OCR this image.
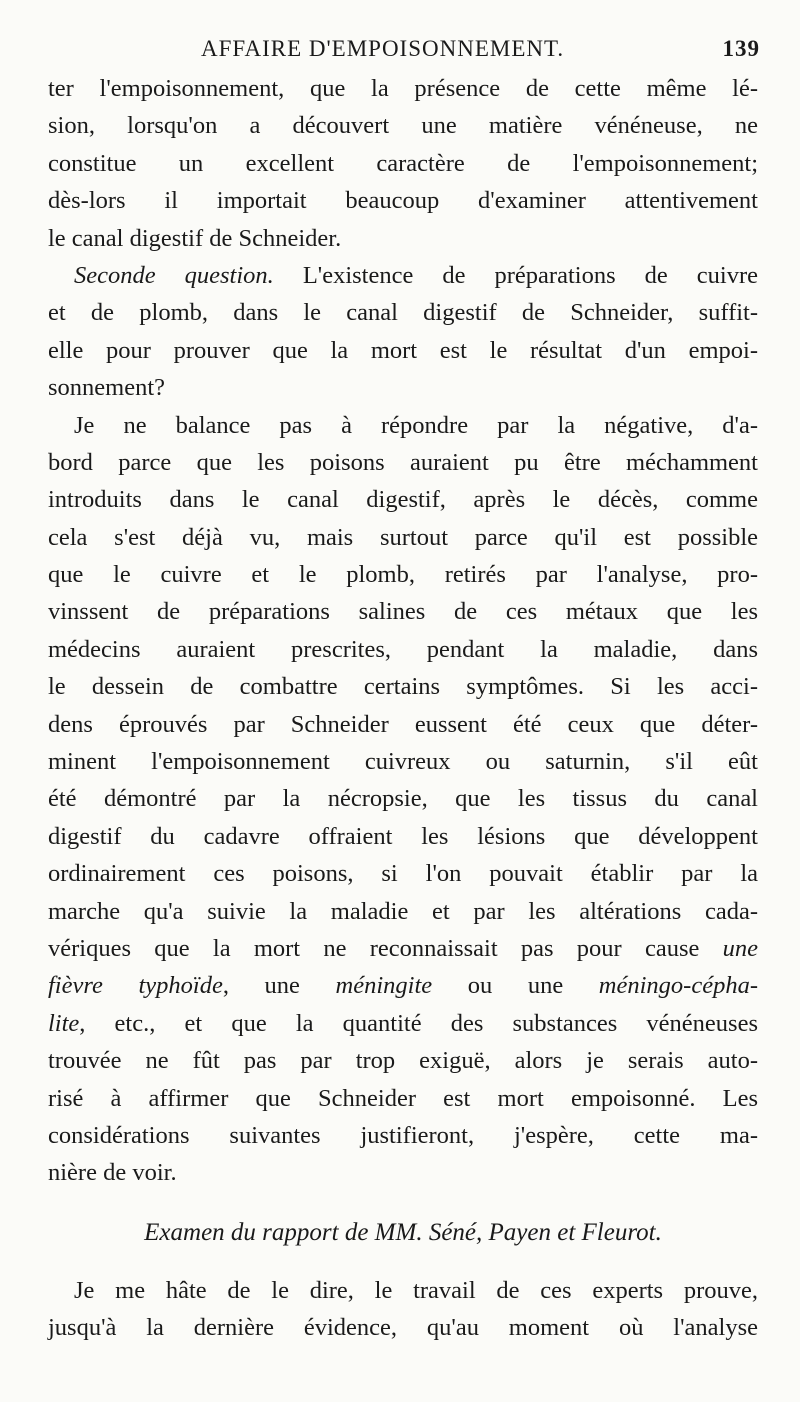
AFFAIRE D'EMPOISONNEMENT.	139
ter l'empoisonnement, que la présence de cette même lé-
sion, lorsqu'on a découvert une matière vénéneuse, ne
constitue un excellent caractère de l'empoisonnement;
dès-lors il importait beaucoup d'examiner attentivement
le canal digestif de Schneider.
Seconde question. L'existence de préparations de cuivre
et de plomb, dans le canal digestif de Schneider, suffit-
elle pour prouver que la mort est le résultat d'un empoi-
sonnement?
Je ne balance pas à répondre par la négative, d'a-
bord parce que les poisons auraient pu être méchamment
introduits dans le canal digestif, après le décès, comme
cela s'est déjà vu, mais surtout parce qu'il est possible
que le cuivre et le plomb, retirés par l'analyse, pro-
vinssent de préparations salines de ces métaux que les
médecins auraient prescrites, pendant la maladie, dans
le dessein de combattre certains symptômes. Si les acci-
dens éprouvés par Schneider eussent été ceux que déter-
minent l'empoisonnement cuivreux ou saturnin, s'il eût
été démontré par la nécropsie, que les tissus du canal
digestif du cadavre offraient les lésions que développent
ordinairement ces poisons, si l'on pouvait établir par la
marche qu'a suivie la maladie et par les altérations cada-
vériques que la mort ne reconnaissait pas pour cause une
fièvre typhoïde, une méningite ou une méningo-cépha-
lite, etc., et que la quantité des substances vénéneuses
trouvée ne fût pas par trop exiguë, alors je serais auto-
risé à affirmer que Schneider est mort empoisonné. Les
considérations suivantes justifieront, j'espère, cette ma-
nière de voir.
Examen du rapport de MM. Séné, Payen et Fleurot.
Je me hâte de le dire, le travail de ces experts prouve,
jusqu'à la dernière évidence, qu'au moment où l'analyse
